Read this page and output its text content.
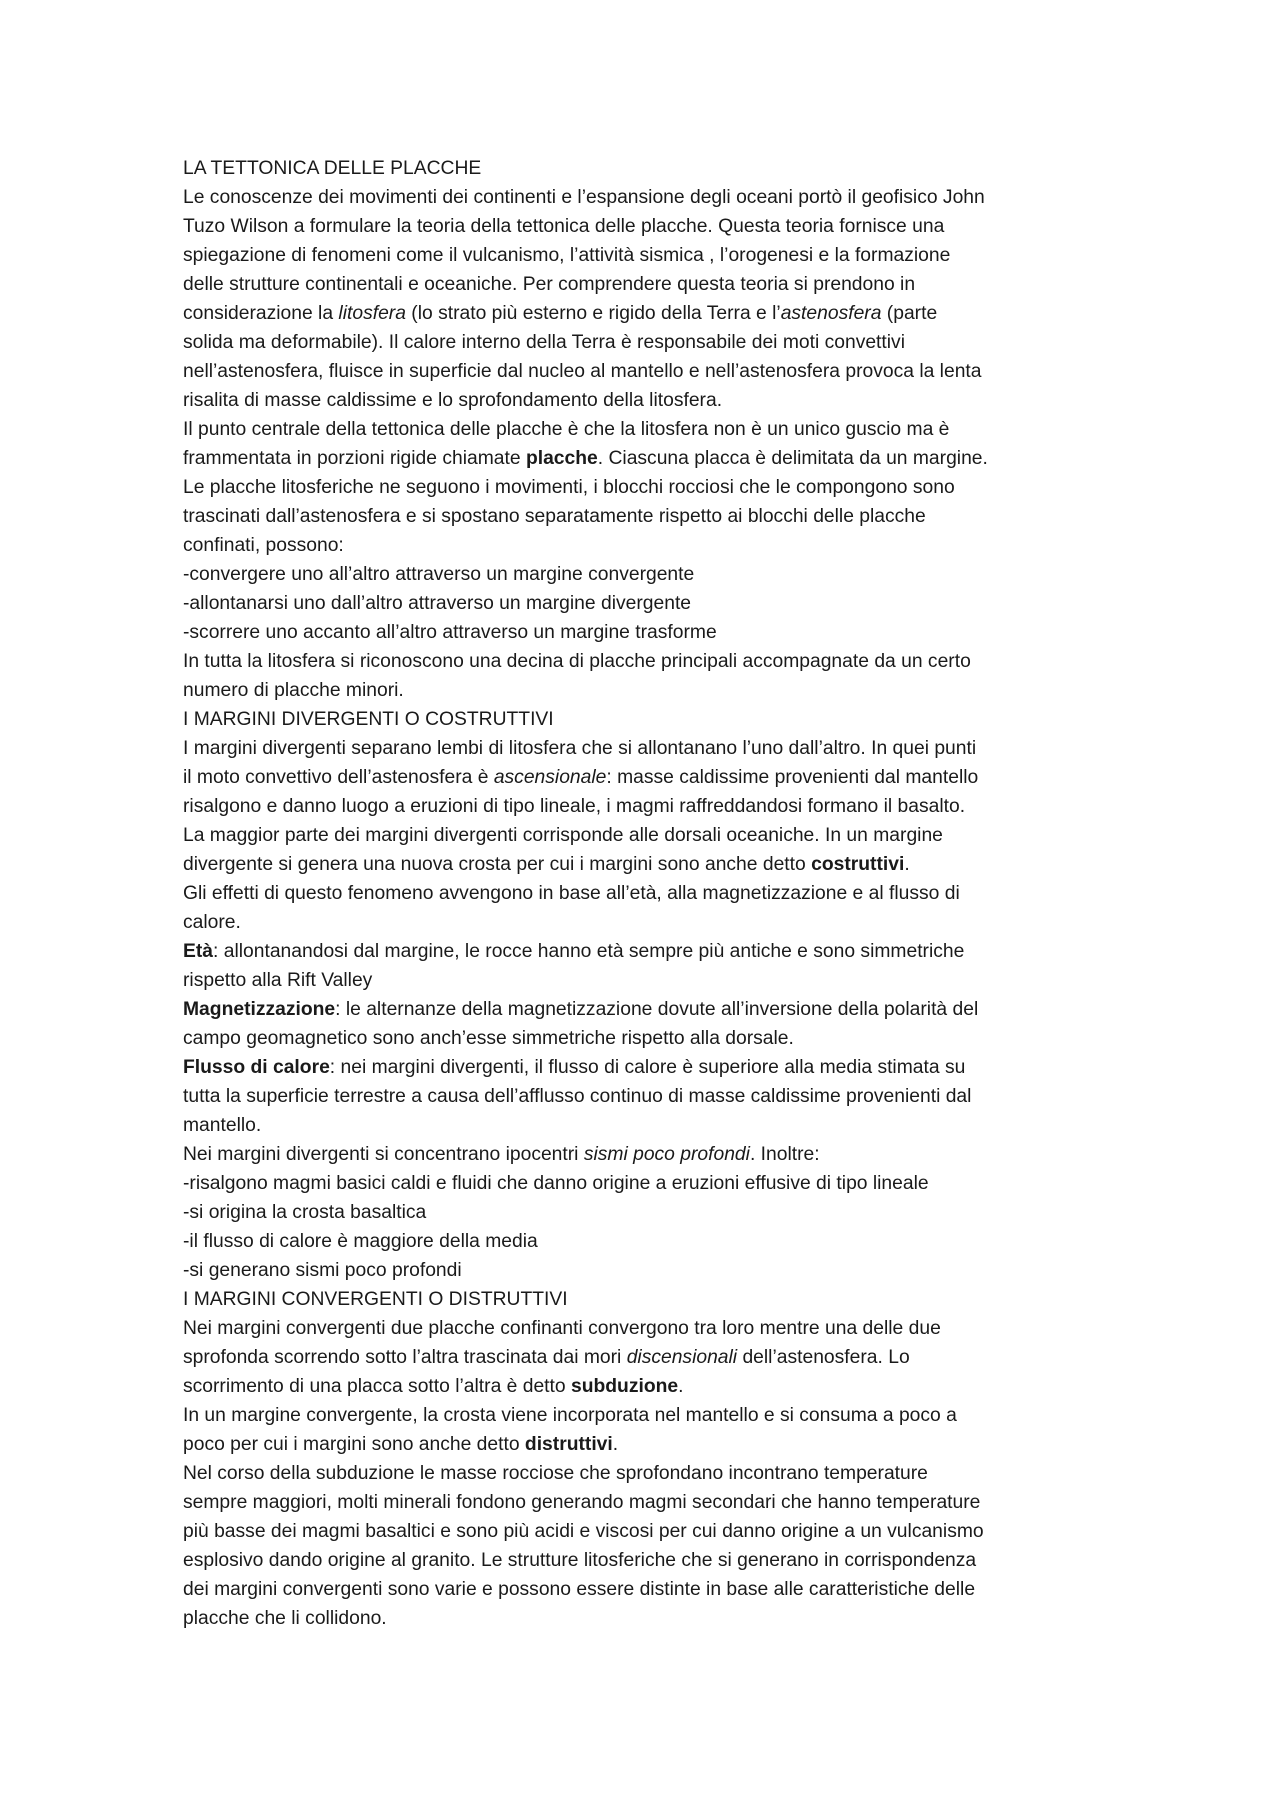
LA TETTONICA DELLE PLACCHE
Le conoscenze dei movimenti dei continenti e l’espansione degli oceani portò il geofisico John
Tuzo Wilson a formulare la teoria della tettonica delle placche. Questa teoria fornisce una
spiegazione di fenomeni come il vulcanismo, l’attività sismica , l’orogenesi e la formazione
delle strutture continentali e oceaniche. Per comprendere questa teoria si prendono in
considerazione la litosfera (lo strato più esterno e rigido della Terra e l’astenosfera (parte
solida ma deformabile). Il calore interno della Terra è responsabile dei moti convettivi
nell’astenosfera, fluisce in superficie dal nucleo al mantello e nell’astenosfera provoca la lenta
risalita di masse caldissime e lo sprofondamento della litosfera.
Il punto centrale della tettonica delle placche è che la litosfera non è un unico guscio ma è
frammentata in porzioni rigide chiamate placche. Ciascuna placca è delimitata da un margine.
Le placche litosferiche ne seguono i movimenti, i blocchi rocciosi che le compongono sono
trascinati dall’astenosfera e si spostano separatamente rispetto ai blocchi delle placche
confinati, possono:
-convergere uno all’altro attraverso un margine convergente
-allontanarsi uno dall’altro attraverso un margine divergente
-scorrere uno accanto all’altro attraverso un margine trasforme
In tutta la litosfera si riconoscono una decina di placche principali accompagnate da un certo
numero di placche minori.
I MARGINI DIVERGENTI O COSTRUTTIVI
I margini divergenti separano lembi di litosfera che si allontanano l’uno dall’altro. In quei punti
il moto convettivo dell’astenosfera è ascensionale: masse caldissime provenienti dal mantello
risalgono e danno luogo a eruzioni di tipo lineale, i magmi raffreddandosi formano il basalto.
La maggior parte dei margini divergenti corrisponde alle dorsali oceaniche. In un margine
divergente si genera una nuova crosta per cui i margini sono anche detto costruttivi.
Gli effetti di questo fenomeno avvengono in base all’età, alla magnetizzazione e al flusso di
calore.
Età: allontanandosi dal margine, le rocce hanno età sempre più antiche e sono simmetriche
rispetto alla Rift Valley
Magnetizzazione: le alternanze della magnetizzazione dovute all’inversione della polarità del
campo geomagnetico sono anch’esse simmetriche rispetto alla dorsale.
Flusso di calore: nei margini divergenti, il flusso di calore è superiore alla media stimata su
tutta la superficie terrestre a causa dell’afflusso continuo di masse caldissime provenienti dal
mantello.
Nei margini divergenti si concentrano ipocentri sismi poco profondi. Inoltre:
-risalgono magmi basici caldi e fluidi che danno origine a eruzioni effusive di tipo lineale
-si origina la crosta basaltica
-il flusso di calore è maggiore della media
-si generano sismi poco profondi
I MARGINI CONVERGENTI O DISTRUTTIVI
Nei margini convergenti due placche confinanti convergono tra loro mentre una delle due
sprofonda scorrendo sotto l’altra trascinata dai mori discensionali dell’astenosfera. Lo
scorrimento di una placca sotto l’altra è detto subduzione.
In un margine convergente, la crosta viene incorporata nel mantello e si consuma a poco a
poco per cui i margini sono anche detto distruttivi.
Nel corso della subduzione le masse rocciose che sprofondano incontrano temperature
sempre maggiori, molti minerali fondono generando magmi secondari che hanno temperature
più basse dei magmi basaltici e sono più acidi e viscosi per cui danno origine a un vulcanismo
esplosivo dando origine al granito. Le strutture litosferiche che si generano in corrispondenza
dei margini convergenti sono varie e possono essere distinte in base alle caratteristiche delle
placche che li collidono.
